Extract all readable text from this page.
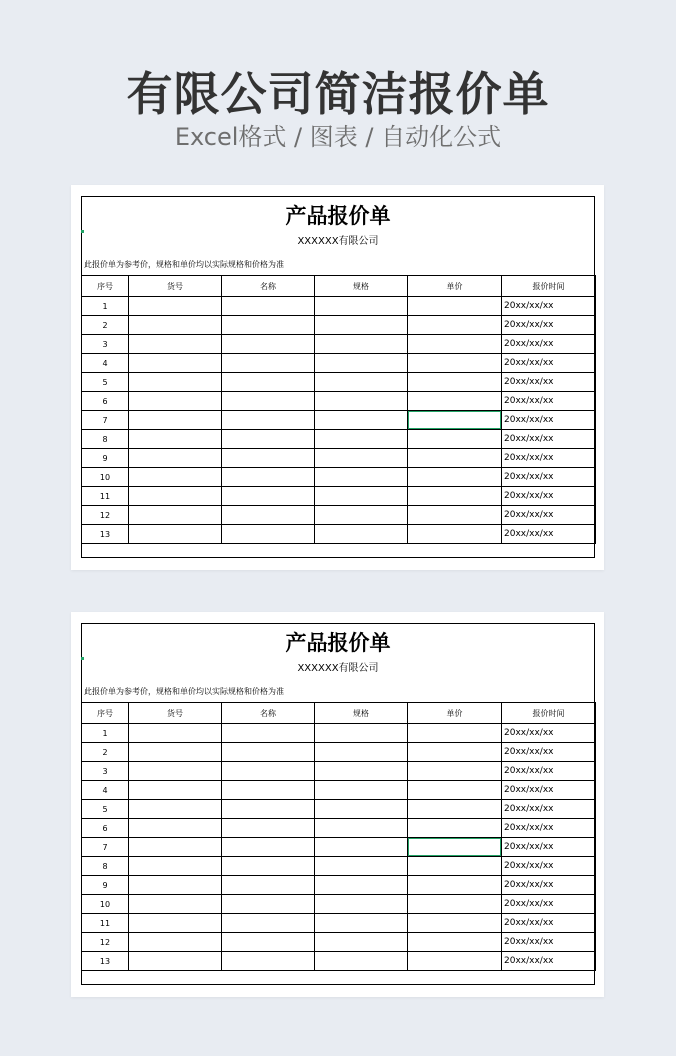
有限公司简洁报价单
Excel格式 / 图表 / 自动化公式
产品报价单
XXXXXX有限公司
此报价单为参考价，规格和单价均以实际规格和价格为准
序号	货号	名称	规格	单价	报价时间
1					20xx/xx/xx
2					20xx/xx/xx
3					20xx/xx/xx
4					20xx/xx/xx
5					20xx/xx/xx
6					20xx/xx/xx
7					20xx/xx/xx
8					20xx/xx/xx
9					20xx/xx/xx
10					20xx/xx/xx
11					20xx/xx/xx
12					20xx/xx/xx
13					20xx/xx/xx
产品报价单
XXXXXX有限公司
此报价单为参考价，规格和单价均以实际规格和价格为准
序号	货号	名称	规格	单价	报价时间
1					20xx/xx/xx
2					20xx/xx/xx
3					20xx/xx/xx
4					20xx/xx/xx
5					20xx/xx/xx
6					20xx/xx/xx
7					20xx/xx/xx
8					20xx/xx/xx
9					20xx/xx/xx
10					20xx/xx/xx
11					20xx/xx/xx
12					20xx/xx/xx
13					20xx/xx/xx
